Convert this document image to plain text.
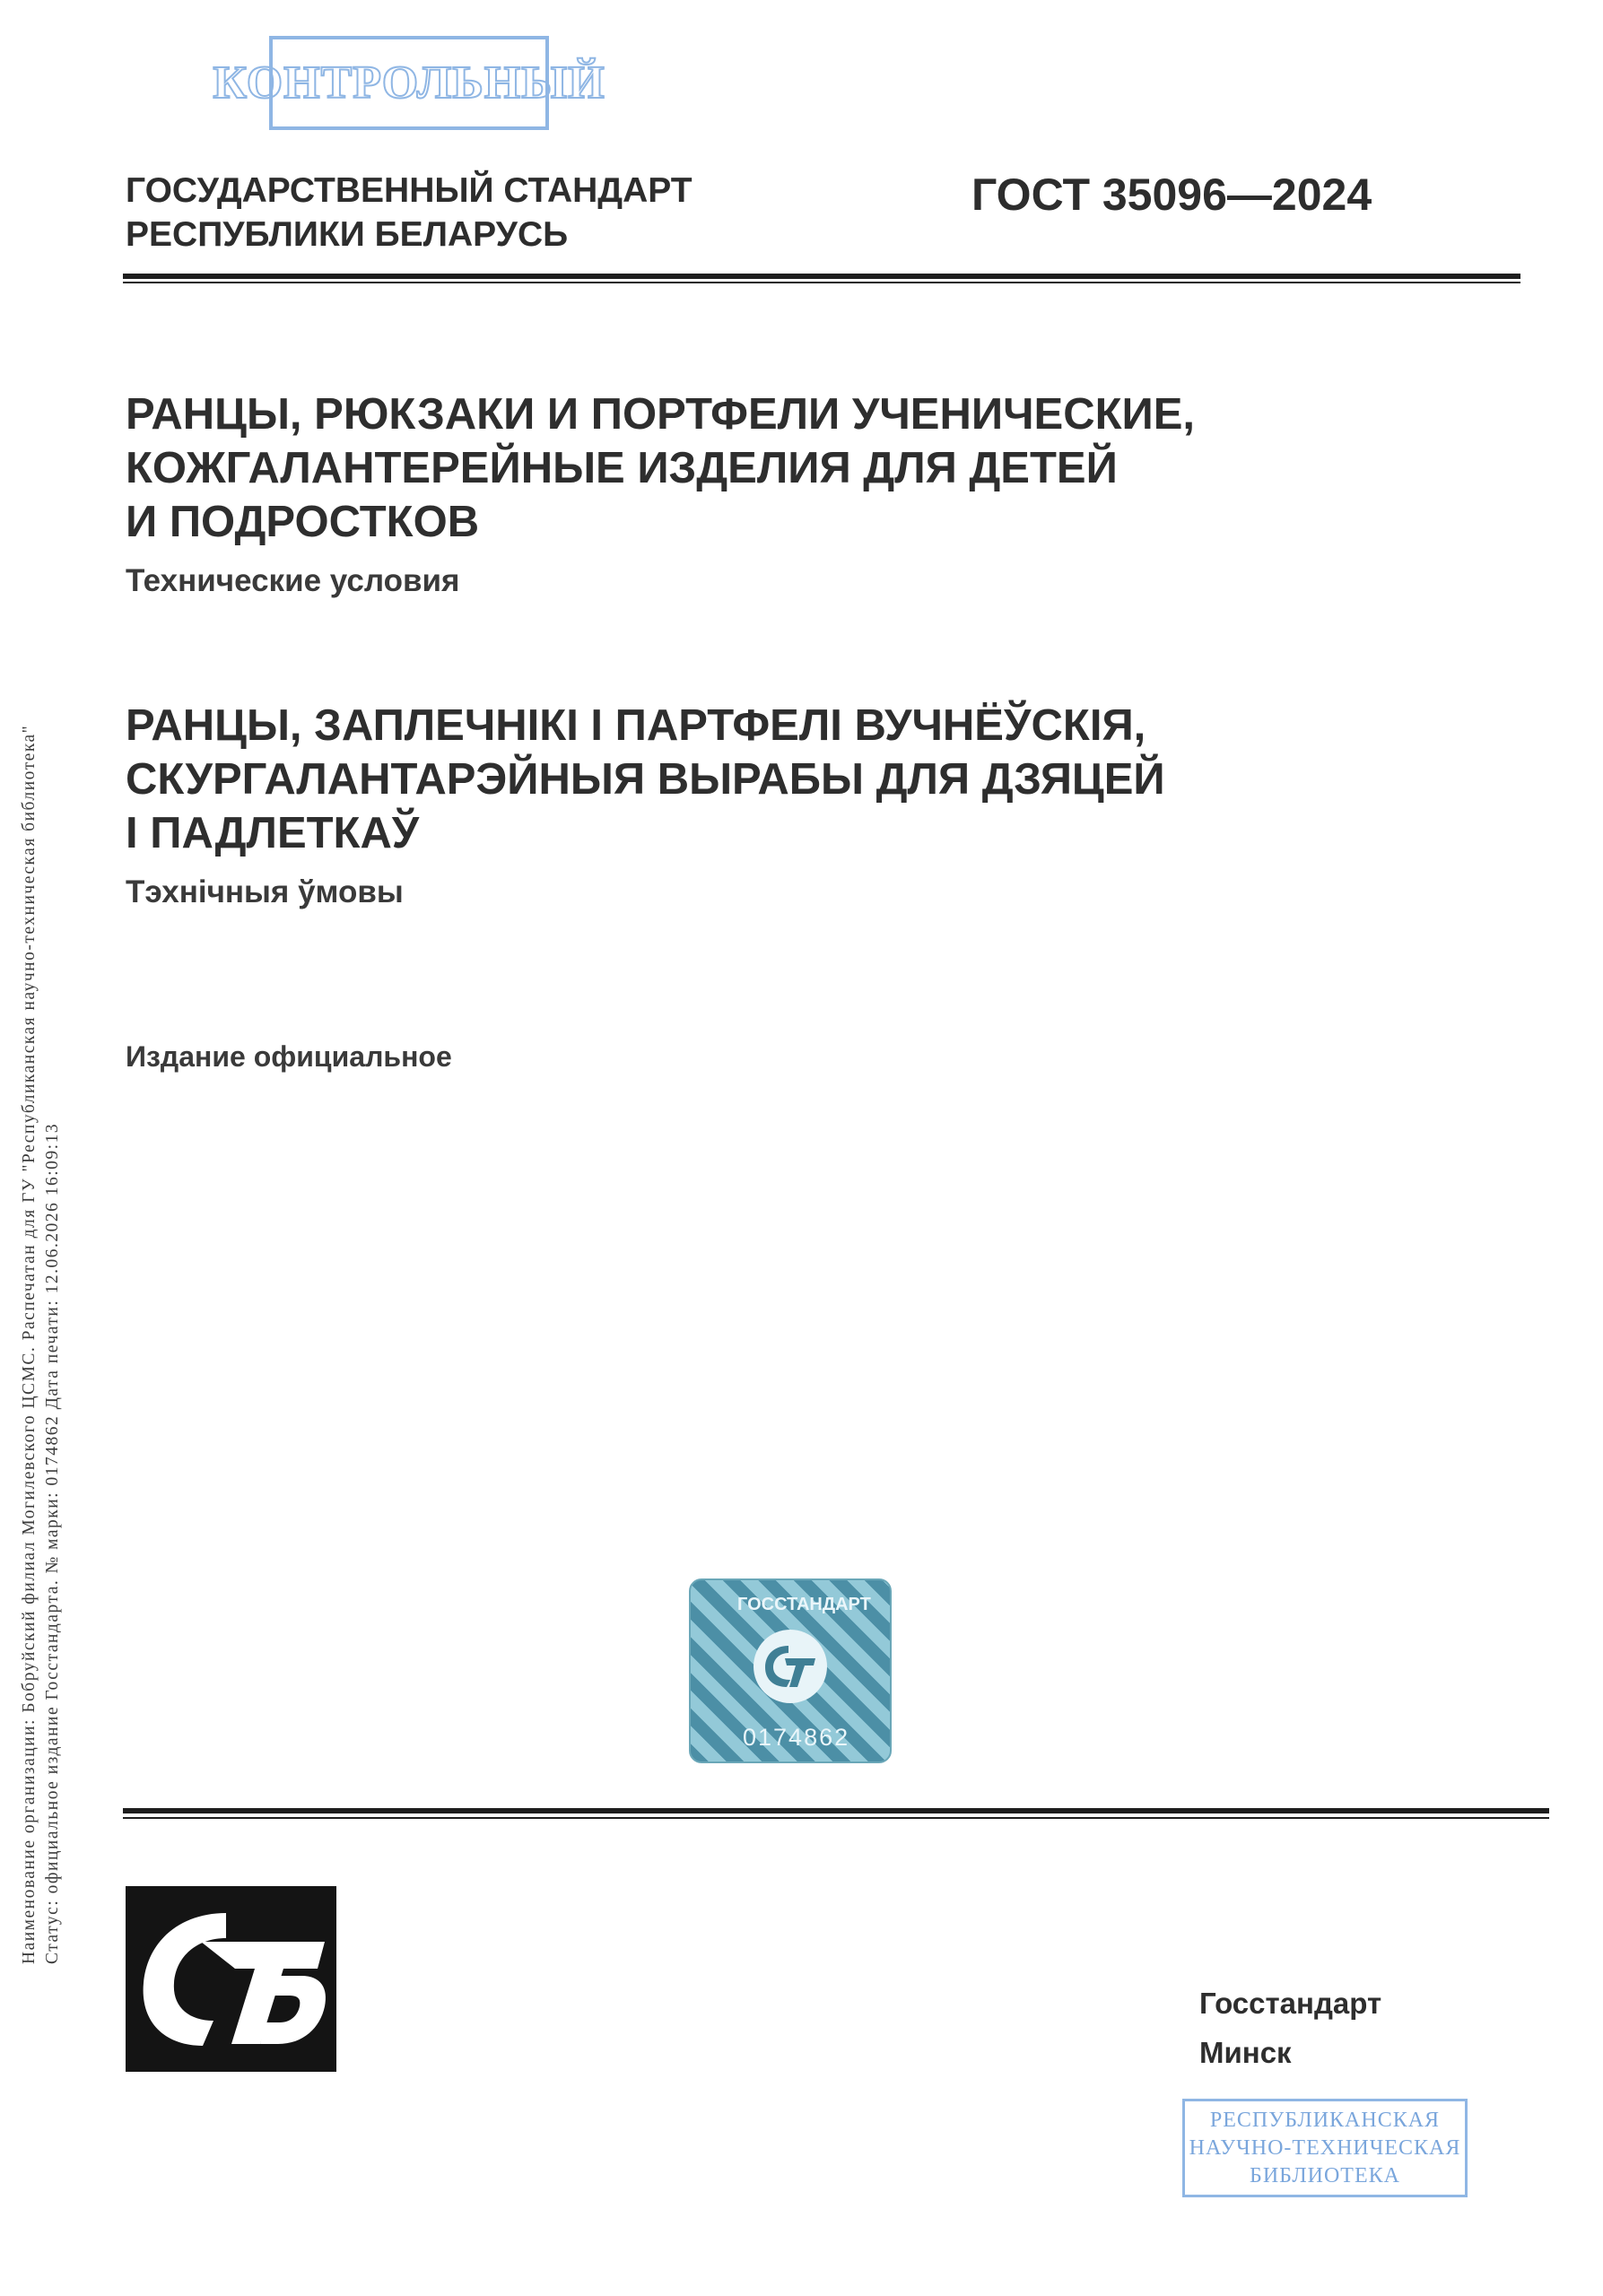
КОНТРОЛЬНЫЙ
Наименование организации: Бобруйский филиал Могилевского ЦСМС. Распечатан для ГУ "Республиканская научно-техническая библиотека" Статус: официальное издание Госстандарта. № марки: 0174862 Дата печати: 12.06.2026 16:09:13
ГОСУДАРСТВЕННЫЙ СТАНДАРТ
РЕСПУБЛИКИ БЕЛАРУСЬ
ГОСТ 35096—2024
РАНЦЫ, РЮКЗАКИ И ПОРТФЕЛИ УЧЕНИЧЕСКИЕ,
КОЖГАЛАНТЕРЕЙНЫЕ ИЗДЕЛИЯ ДЛЯ ДЕТЕЙ
И ПОДРОСТКОВ
Технические условия
РАНЦЫ, ЗАПЛЕЧНІКІ І ПАРТФЕЛІ ВУЧНЁЎСКІЯ,
СКУРГАЛАНТАРЭЙНЫЯ ВЫРАБЫ ДЛЯ ДЗЯЦЕЙ
І ПАДЛЕТКАЎ
Тэхнічныя ўмовы
Издание официальное
ГОССТАНДАРТ
0174862
Госстандарт
Минск
РЕСПУБЛИКАНСКАЯ
НАУЧНО-ТЕХНИЧЕСКАЯ
БИБЛИОТЕКА
